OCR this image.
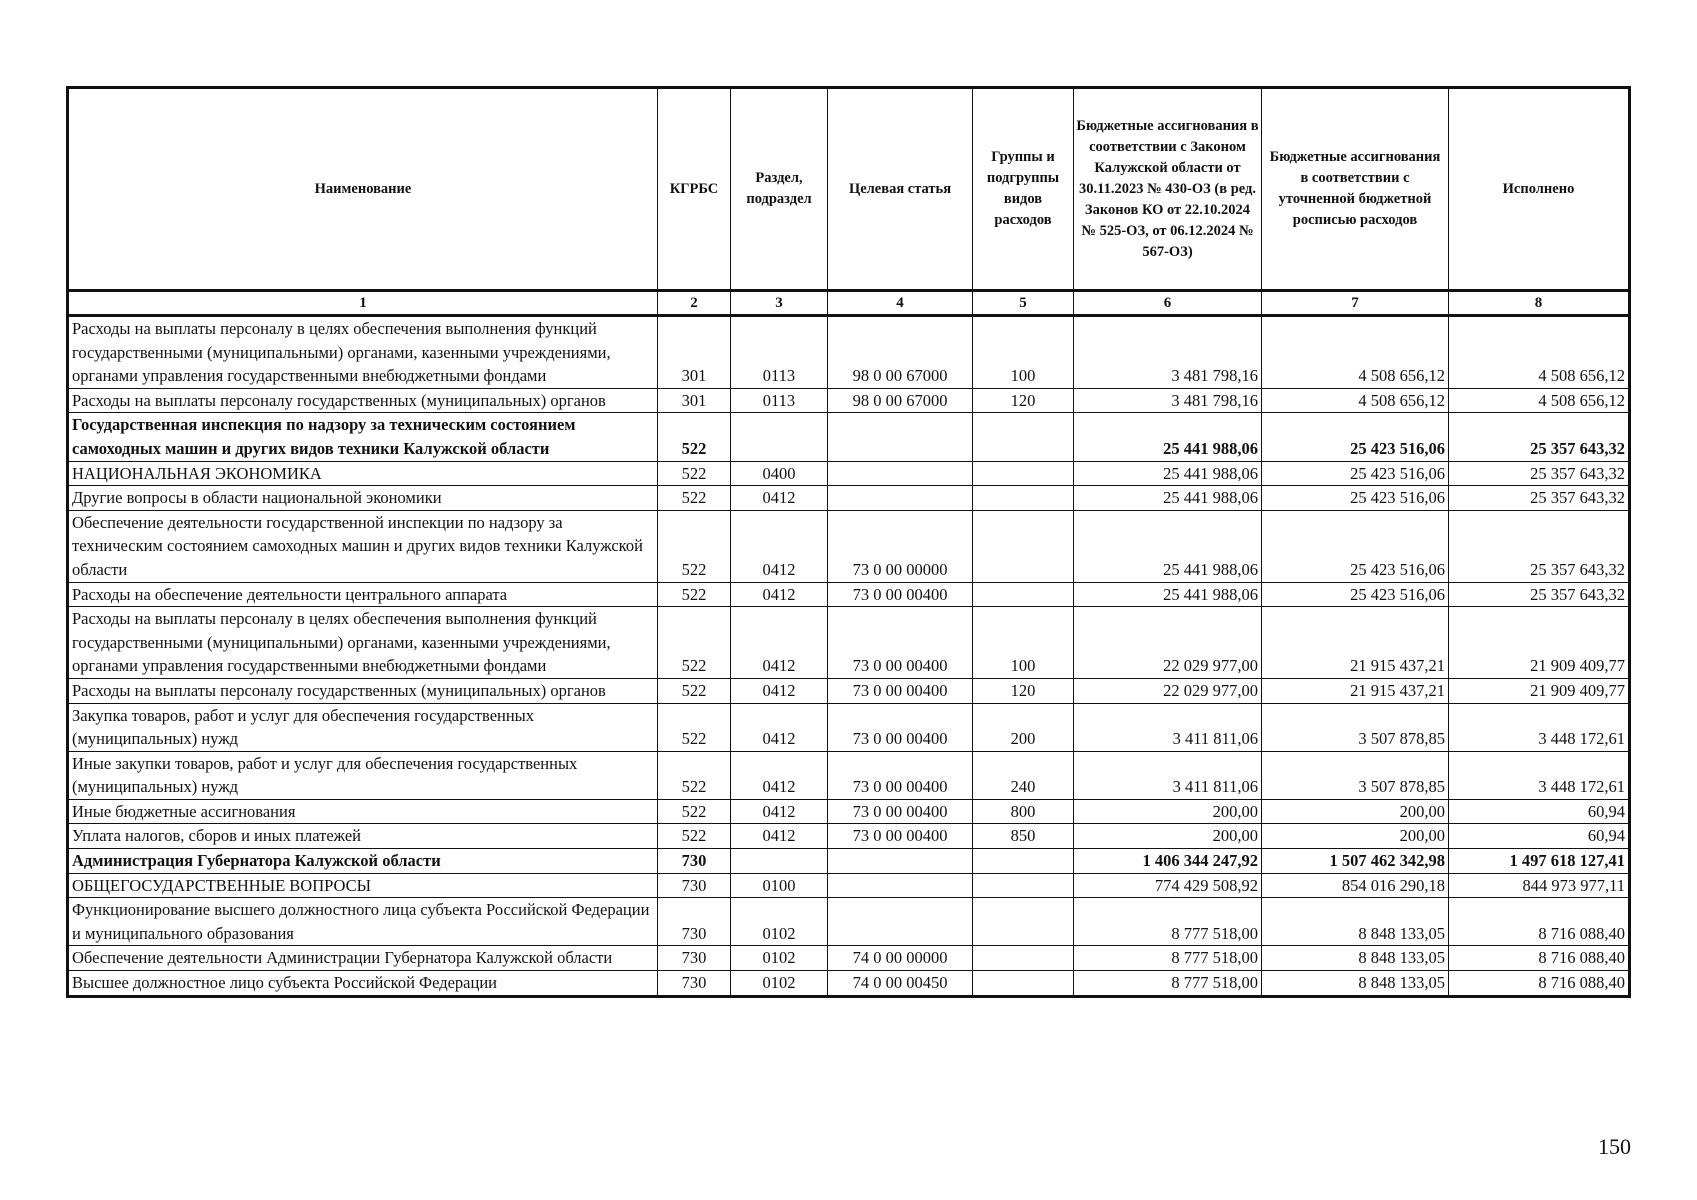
Наименование	КГРБС	Раздел, подраздел	Целевая статья	Группы и подгруппы видов расходов	Бюджетные ассигнования в соответствии с Законом Калужской области от 30.11.2023 № 430-ОЗ (в ред. Законов КО от 22.10.2024 № 525-ОЗ, от 06.12.2024 № 567-ОЗ)	Бюджетные ассигнования в соответствии с уточненной бюджетной росписью расходов	Исполнено
1	2	3	4	5	6	7	8
Расходы на выплаты персоналу в целях обеспечения выполнения функций государственными (муниципальными) органами, казенными учреждениями, органами управления государственными внебюджетными фондами	301	0113	98 0 00 67000	100	3 481 798,16	4 508 656,12	4 508 656,12
Расходы на выплаты персоналу государственных (муниципальных) органов	301	0113	98 0 00 67000	120	3 481 798,16	4 508 656,12	4 508 656,12
Государственная инспекция по надзору за техническим состоянием самоходных машин и других видов техники Калужской области	522				25 441 988,06	25 423 516,06	25 357 643,32
НАЦИОНАЛЬНАЯ ЭКОНОМИКА	522	0400			25 441 988,06	25 423 516,06	25 357 643,32
Другие вопросы в области национальной экономики	522	0412			25 441 988,06	25 423 516,06	25 357 643,32
Обеспечение деятельности государственной инспекции по надзору за техническим состоянием самоходных машин и других видов техники Калужской области	522	0412	73 0 00 00000		25 441 988,06	25 423 516,06	25 357 643,32
Расходы на обеспечение деятельности центрального аппарата	522	0412	73 0 00 00400		25 441 988,06	25 423 516,06	25 357 643,32
Расходы на выплаты персоналу в целях обеспечения выполнения функций государственными (муниципальными) органами, казенными учреждениями, органами управления государственными внебюджетными фондами	522	0412	73 0 00 00400	100	22 029 977,00	21 915 437,21	21 909 409,77
Расходы на выплаты персоналу государственных (муниципальных) органов	522	0412	73 0 00 00400	120	22 029 977,00	21 915 437,21	21 909 409,77
Закупка товаров, работ и услуг для обеспечения государственных (муниципальных) нужд	522	0412	73 0 00 00400	200	3 411 811,06	3 507 878,85	3 448 172,61
Иные закупки товаров, работ и услуг для обеспечения государственных (муниципальных) нужд	522	0412	73 0 00 00400	240	3 411 811,06	3 507 878,85	3 448 172,61
Иные бюджетные ассигнования	522	0412	73 0 00 00400	800	200,00	200,00	60,94
Уплата налогов, сборов и иных платежей	522	0412	73 0 00 00400	850	200,00	200,00	60,94
Администрация Губернатора Калужской области	730				1 406 344 247,92	1 507 462 342,98	1 497 618 127,41
ОБЩЕГОСУДАРСТВЕННЫЕ ВОПРОСЫ	730	0100			774 429 508,92	854 016 290,18	844 973 977,11
Функционирование высшего должностного лица субъекта Российской Федерации и муниципального образования	730	0102			8 777 518,00	8 848 133,05	8 716 088,40
Обеспечение деятельности Администрации Губернатора Калужской области	730	0102	74 0 00 00000		8 777 518,00	8 848 133,05	8 716 088,40
Высшее должностное лицо субъекта Российской Федерации	730	0102	74 0 00 00450		8 777 518,00	8 848 133,05	8 716 088,40
150
